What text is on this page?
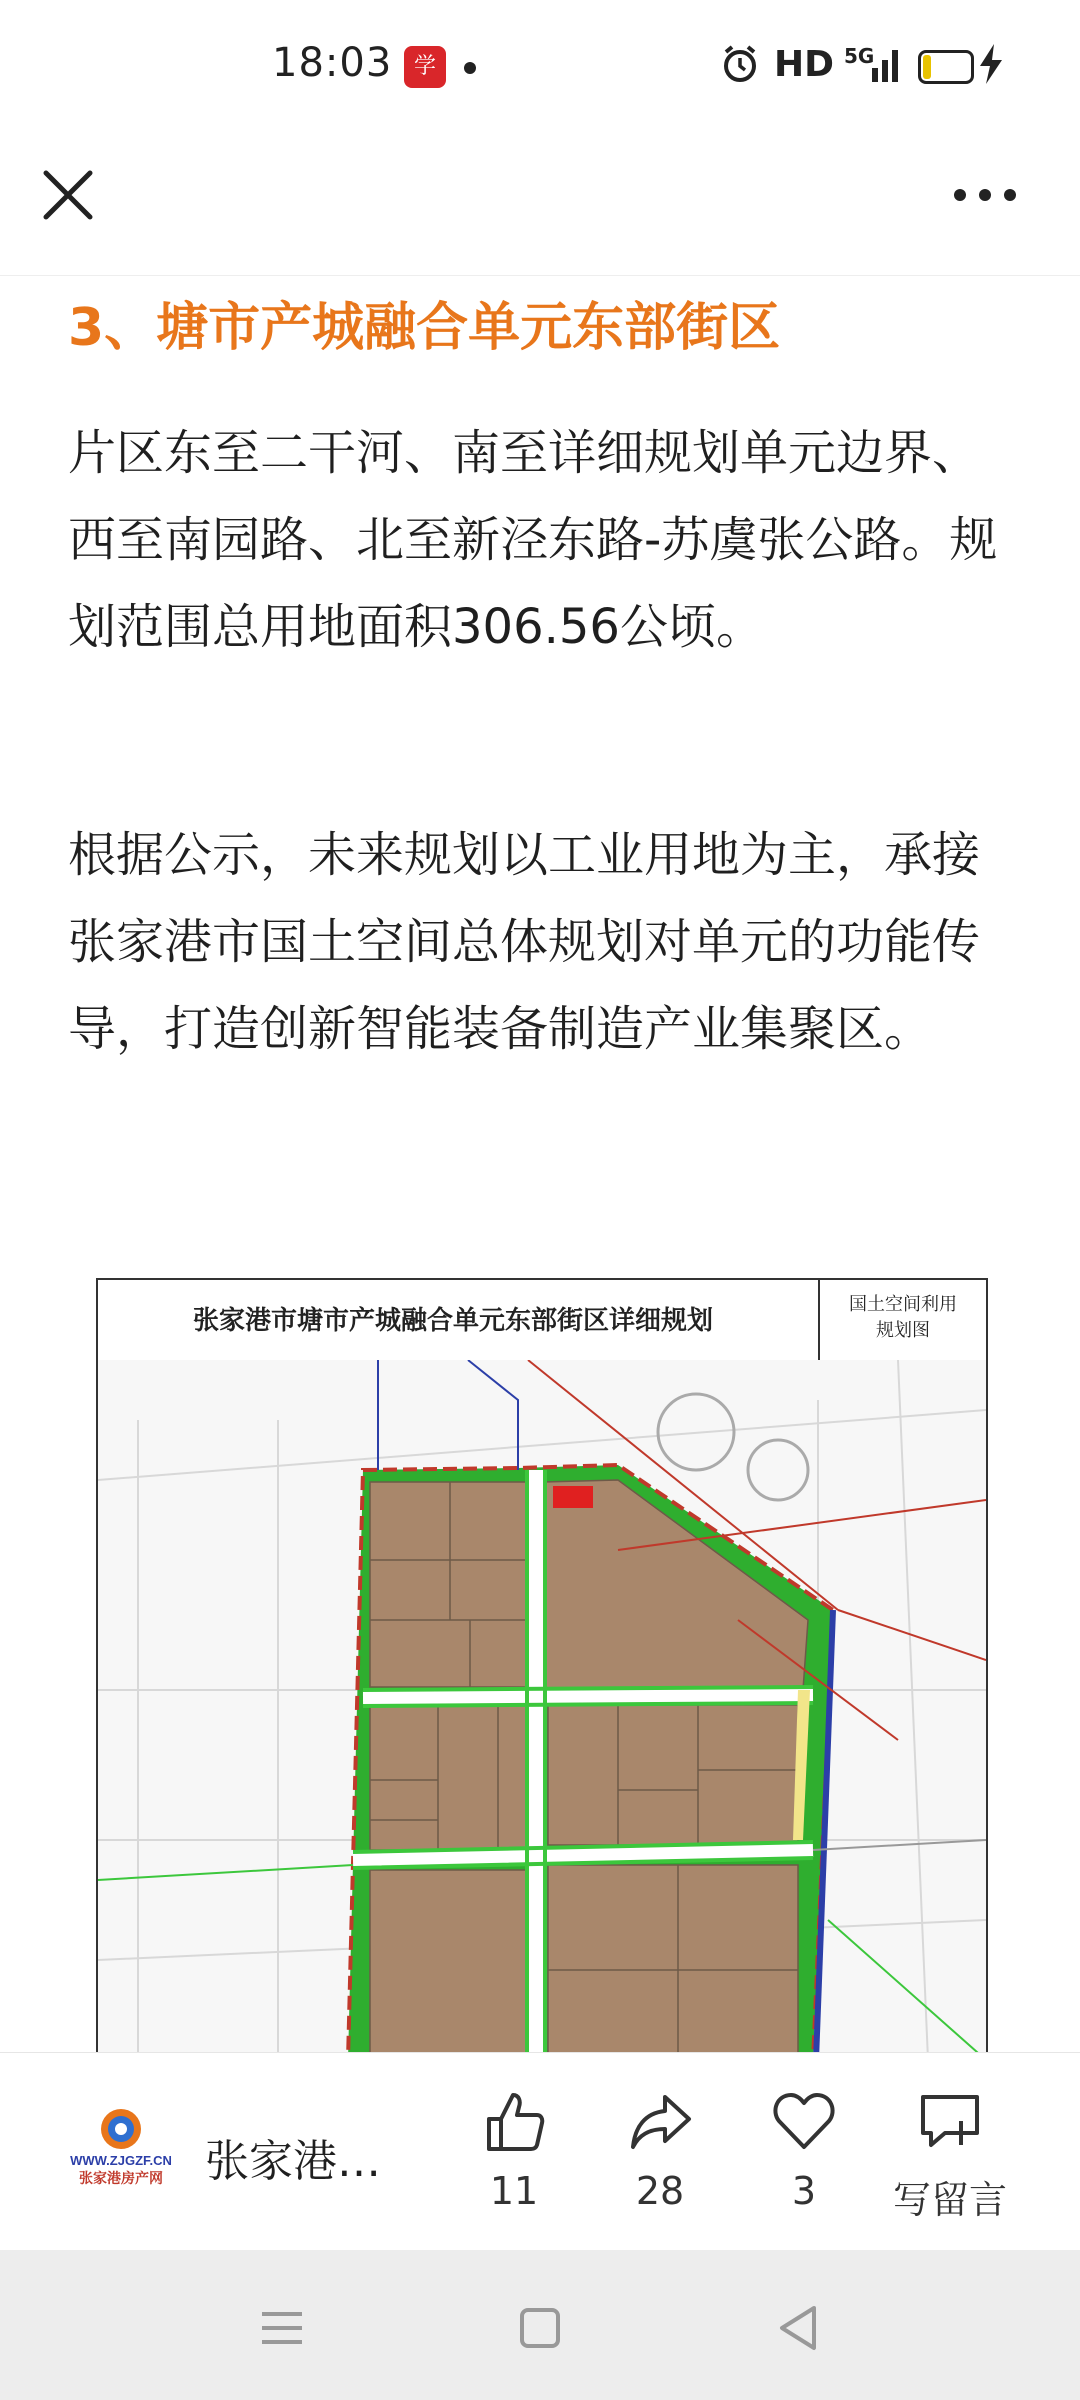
18:03 学习
HD 5G
3、塘市产城融合单元东部街区
片区东至二干河、南至详细规划单元边界、西至南园路、北至新泾东路-苏虞张公路。规划范围总用地面积306.56公顷。
根据公示，未来规划以工业用地为主，承接张家港市国土空间总体规划对单元的功能传导，打造创新智能装备制造产业集聚区。
张家港市塘市产城融合单元东部街区详细规划
国土空间利用
规划图
WWW.ZJGZF.CN
张家港房产网 张家港…
11	28	3	写留言
